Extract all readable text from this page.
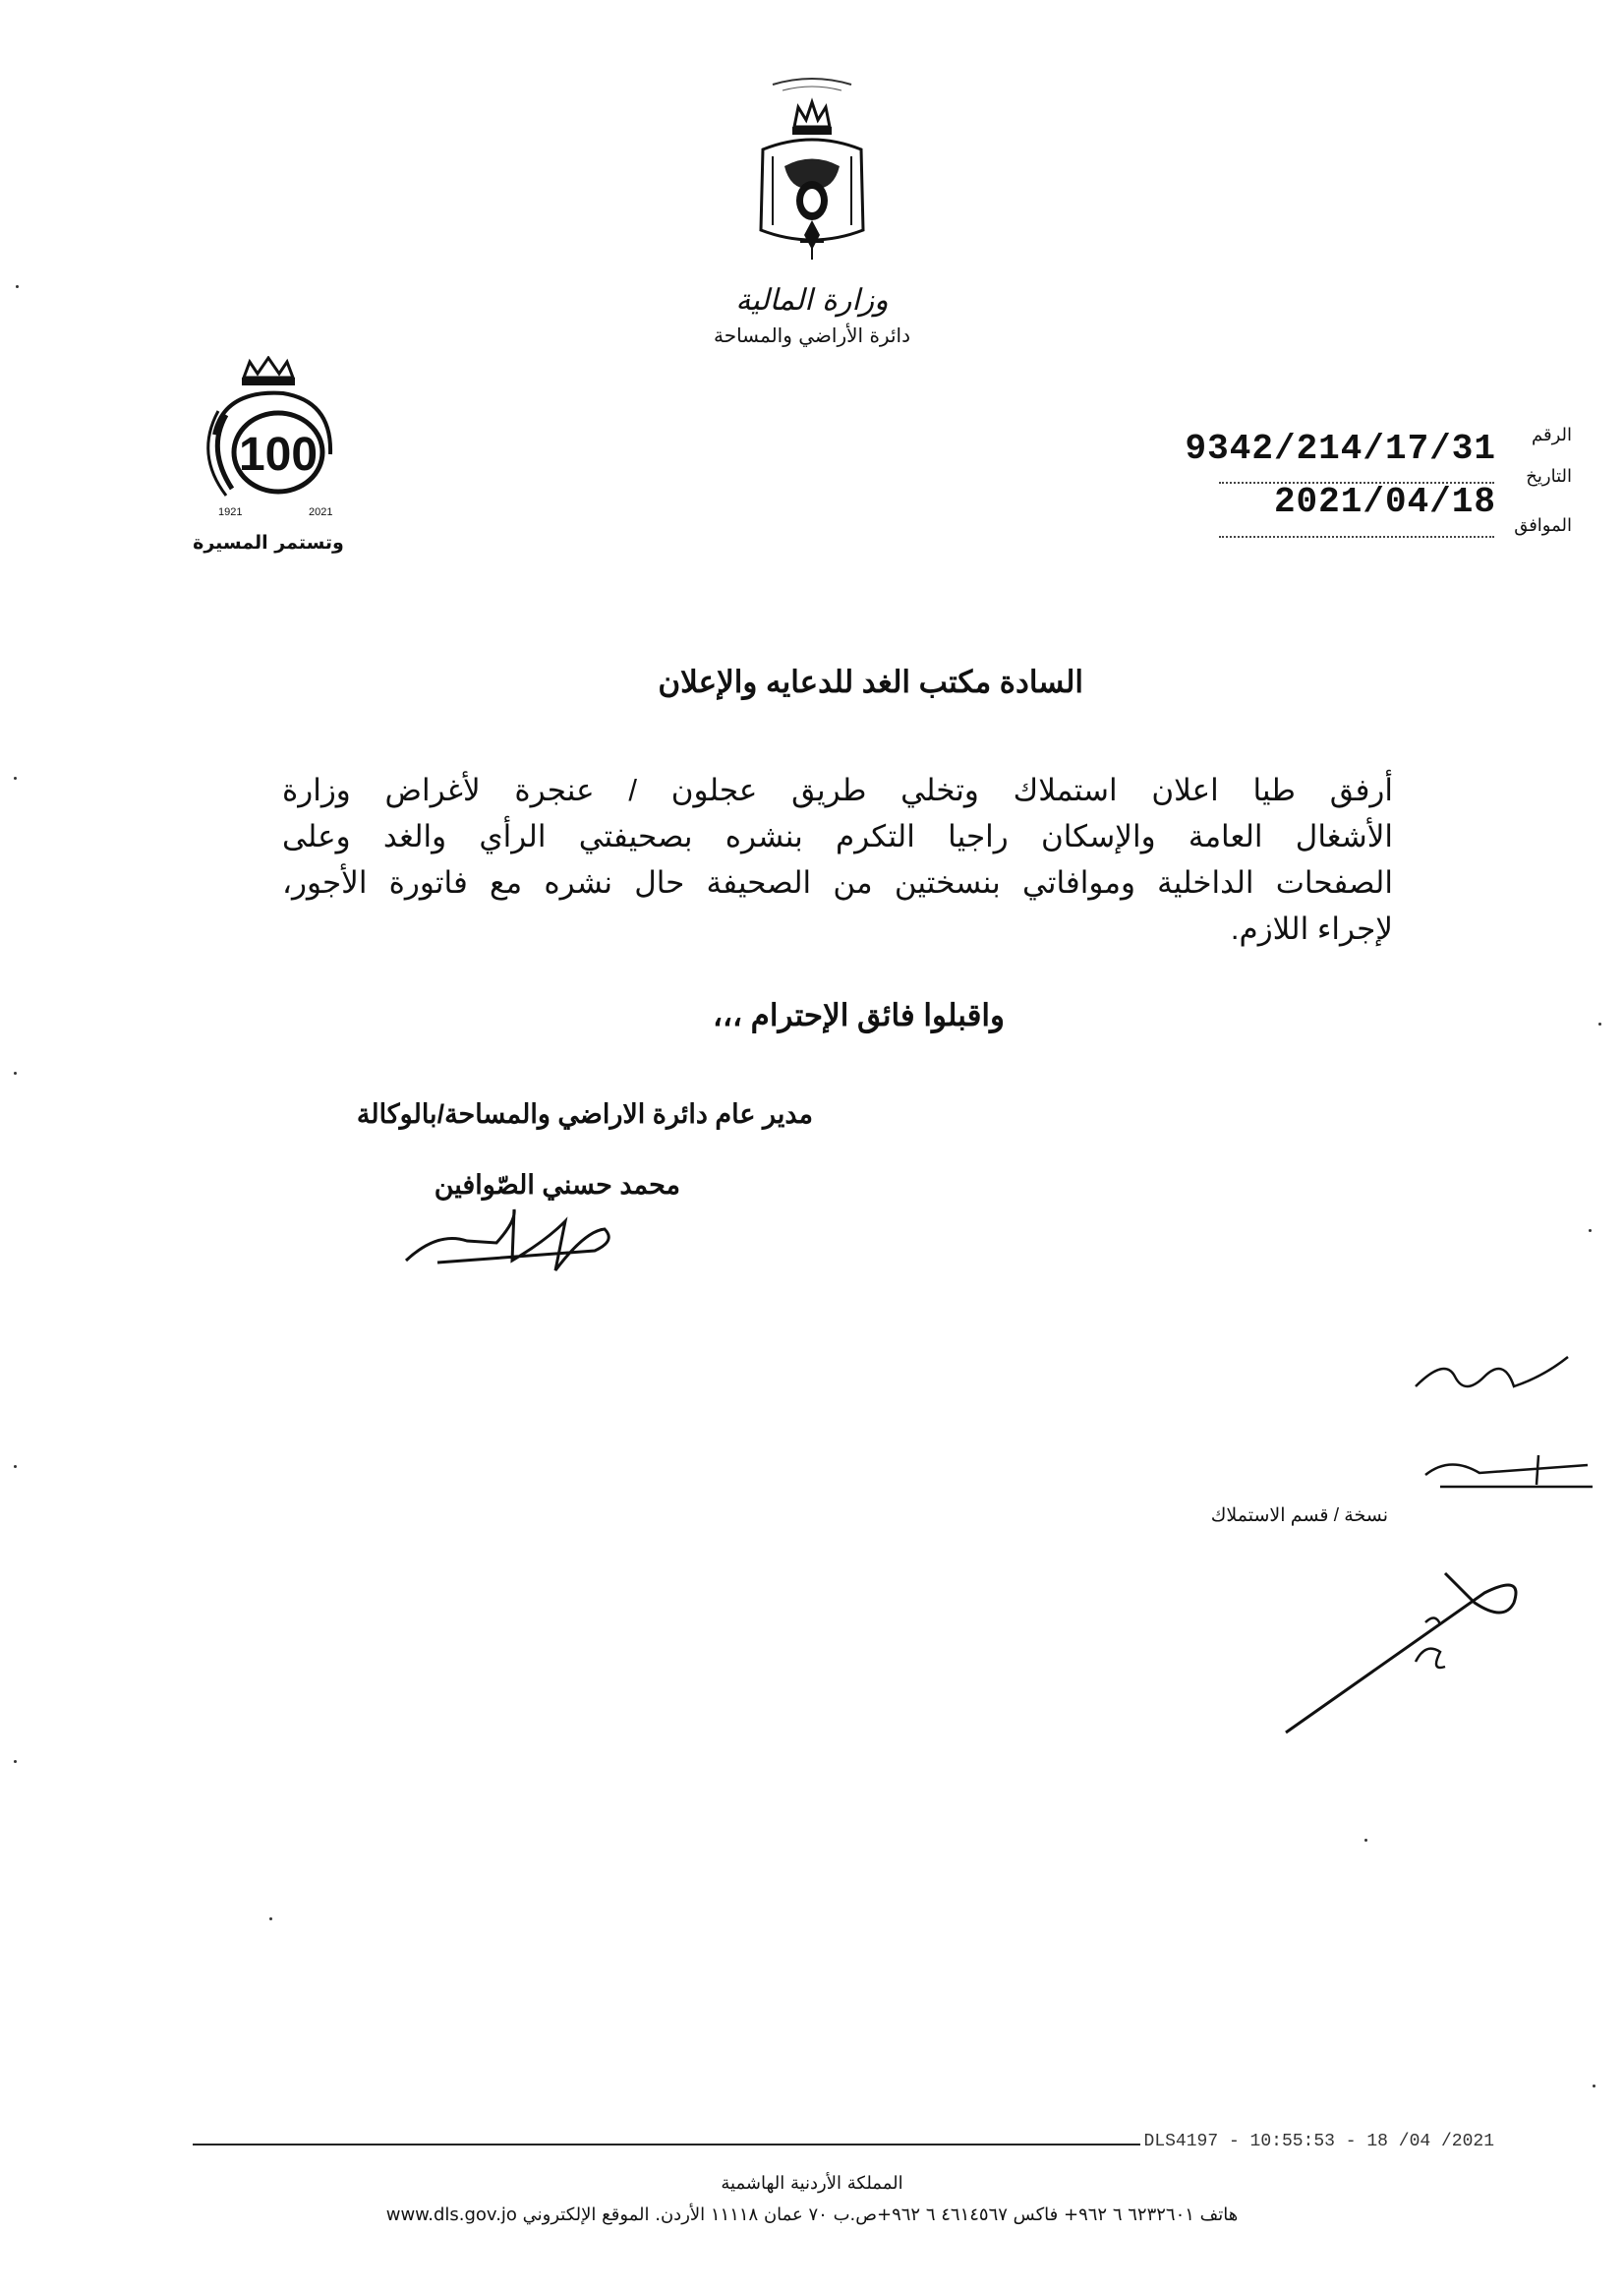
وزارة المالية
دائرة الأراضي والمساحة
100
1921	2021
وتستمر المسيرة
الرقم
9342/214/17/31
التاريخ
2021/04/18
الموافق
السادة مكتب الغد للدعايه والإعلان
أرفق طيا اعلان استملاك وتخلي طريق عجلون / عنجرة لأغراض وزارة
الأشغال العامة والإسكان راجيا التكرم بنشره بصحيفتي الرأي والغد وعلى
الصفحات الداخلية وموافاتي بنسختين من الصحيفة حال نشره مع فاتورة الأجور،
لإجراء اللازم.
واقبلوا فائق الإحترام ،،،
مدير عام دائرة الاراضي والمساحة/بالوكالة
محمد حسني الصّوافين
نسخة / قسم الاستملاك
DLS4197 - 10:55:53 - 18 /04 /2021
المملكة الأردنية الهاشمية
هاتف ٦٢٣٢٦٠١ ٦ ٩٦٢+ فاكس ٤٦١٤٥٦٧ ٦ ٩٦٢+ص.ب ٧٠ عمان ١١١١٨ الأردن. الموقع الإلكتروني www.dls.gov.jo
